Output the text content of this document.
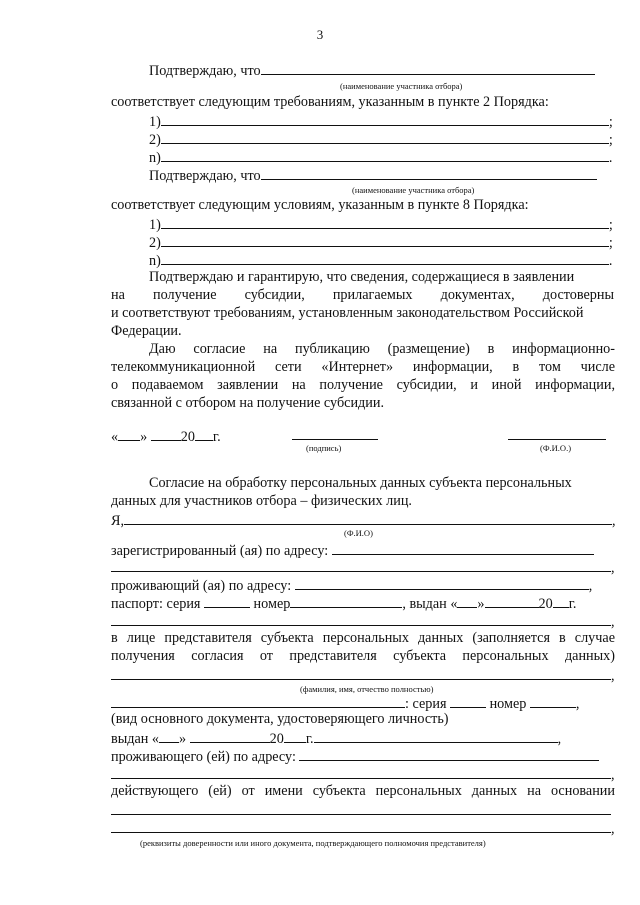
3
Подтверждаю, что
(наименование участника отбора)
соответствует следующим требованиям, указанным в пункте 2 Порядка:
1)	;
2)	;
n)	.
Подтверждаю, что
(наименование участника отбора)
соответствует следующим условиям, указанным в пункте 8 Порядка:
1)	;
2)	;
n)	.
Подтверждаю и гарантирую, что сведения, содержащиеся в заявлении
на получение субсидии, прилагаемых документах, достоверны
и соответствуют требованиям, установленным законодательством Российской
Федерации.
Даю согласие на публикацию (размещение) в информационно-
телекоммуникационной сети «Интернет» информации, в том числе
о подаваемом заявлении на получение субсидии, и иной информации,
связанной с отбором на получение субсидии.
« » 20 г.
(подпись)	(Ф.И.О.)
Согласие на обработку персональных данных субъекта персональных
данных для участников отбора – физических лиц.
Я,	,
(Ф.И.О)
зарегистрированный (ая) по адресу:
,
проживающий (ая) по адресу:	,
паспорт: серия	номер	, выдан « »	20 г.
,
в лице представителя субъекта персональных данных (заполняется в случае
получения согласия от представителя субъекта персональных данных)
,
(фамилия, имя, отчество полностью)
: серия	номер	,
(вид основного документа, удостоверяющего личность)
выдан « »	20 г.	,
проживающего (ей) по адресу:
,
действующего (ей) от имени субъекта персональных данных на основании
,
(реквизиты доверенности или иного документа, подтверждающего полномочия представителя)
